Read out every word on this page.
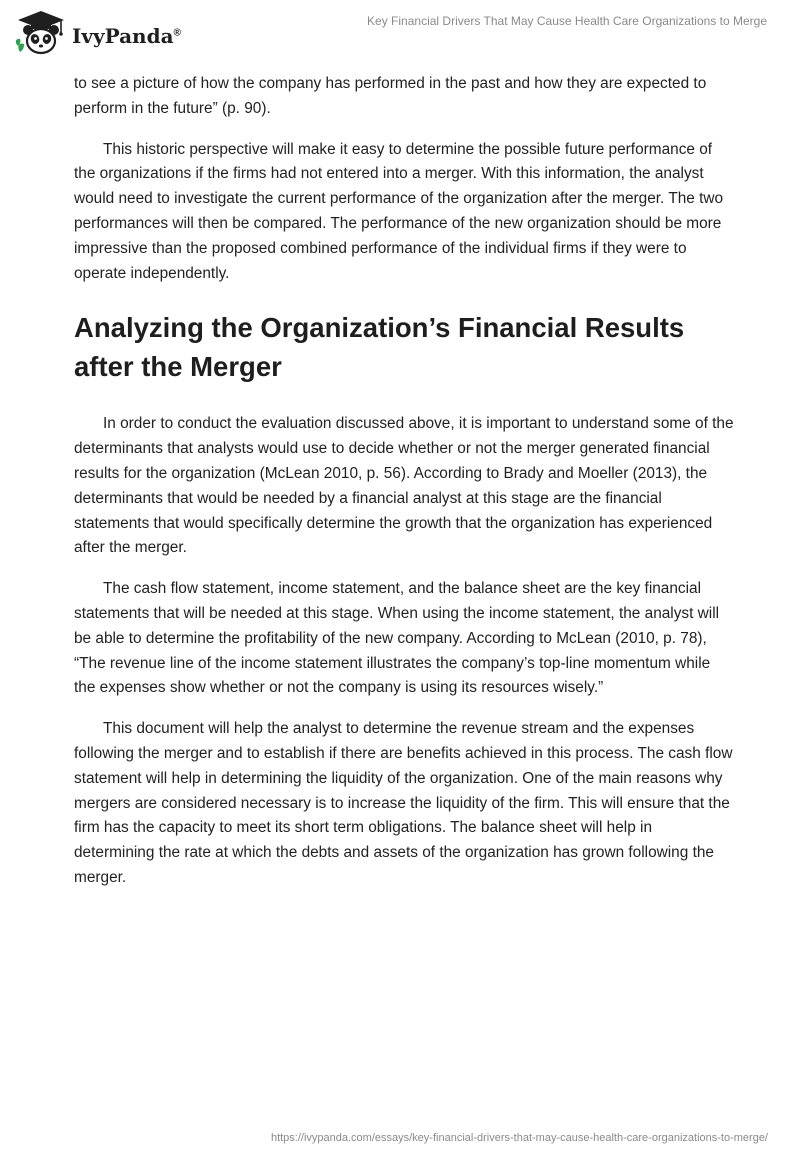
IvyPanda®
Key Financial Drivers That May Cause Health Care Organizations to Merge

to see a picture of how the company has performed in the past and how they are expected to perform in the future” (p. 90).

This historic perspective will make it easy to determine the possible future performance of the organizations if the firms had not entered into a merger. With this information, the analyst would need to investigate the current performance of the organization after the merger. The two performances will then be compared. The performance of the new organization should be more impressive than the proposed combined performance of the individual firms if they were to operate independently.

Analyzing the Organization’s Financial Results after the Merger

In order to conduct the evaluation discussed above, it is important to understand some of the determinants that analysts would use to decide whether or not the merger generated financial results for the organization (McLean 2010, p. 56). According to Brady and Moeller (2013), the determinants that would be needed by a financial analyst at this stage are the financial statements that would specifically determine the growth that the organization has experienced after the merger.

The cash flow statement, income statement, and the balance sheet are the key financial statements that will be needed at this stage. When using the income statement, the analyst will be able to determine the profitability of the new company. According to McLean (2010, p. 78), “The revenue line of the income statement illustrates the company’s top-line momentum while the expenses show whether or not the company is using its resources wisely.”

This document will help the analyst to determine the revenue stream and the expenses following the merger and to establish if there are benefits achieved in this process. The cash flow statement will help in determining the liquidity of the organization. One of the main reasons why mergers are considered necessary is to increase the liquidity of the firm. This will ensure that the firm has the capacity to meet its short term obligations. The balance sheet will help in determining the rate at which the debts and assets of the organization has grown following the merger.

https://ivypanda.com/essays/key-financial-drivers-that-may-cause-health-care-organizations-to-merge/
